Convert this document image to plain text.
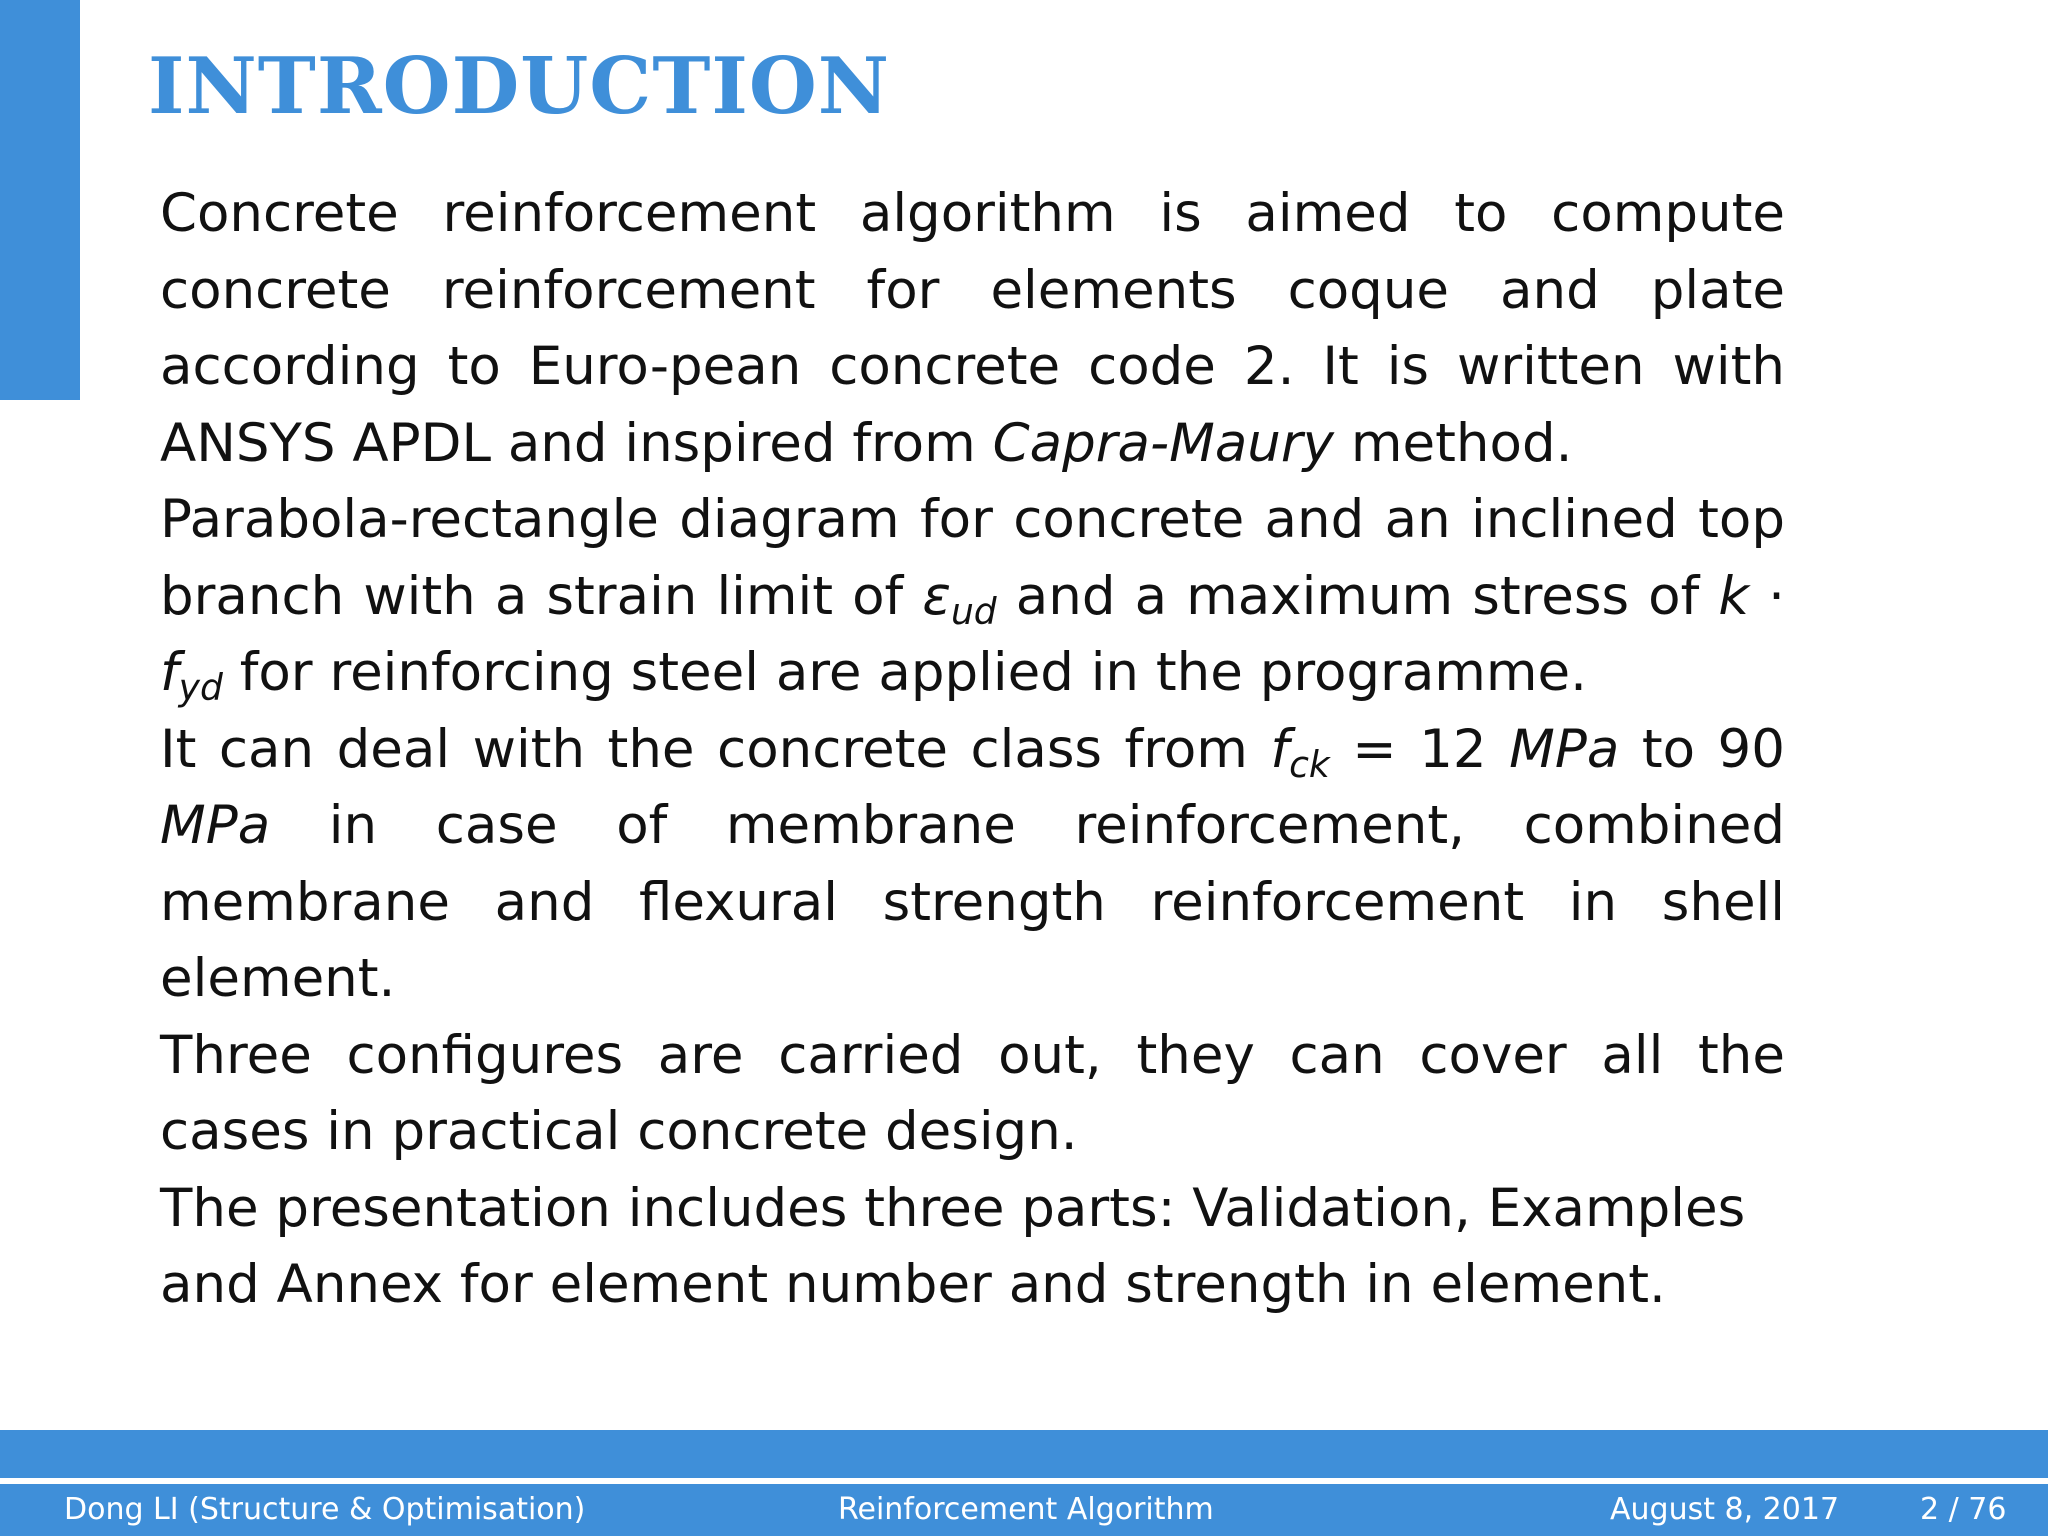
INTRODUCTION

Concrete reinforcement algorithm is aimed to compute concrete reinforcement for elements coque and plate according to Euro-pean concrete code 2. It is written with ANSYS APDL and inspired from Capra-Maury method.

Parabola-rectangle diagram for concrete and an inclined top branch with a strain limit of $\varepsilon_{ud}$ and a maximum stress of $k \cdot f_{yd}$ for reinforcing steel are applied in the programme.

It can deal with the concrete class from $f_{ck} = 12$ MPa to 90 MPa in case of membrane reinforcement, combined membrane and flexural strength reinforcement in shell element.

Three configures are carried out, they can cover all the cases in practical concrete design.

The presentation includes three parts: Validation, Examples and Annex for element number and strength in element.

Dong LI (Structure & Optimisation)	Reinforcement Algorithm	August 8, 2017	2 / 76
